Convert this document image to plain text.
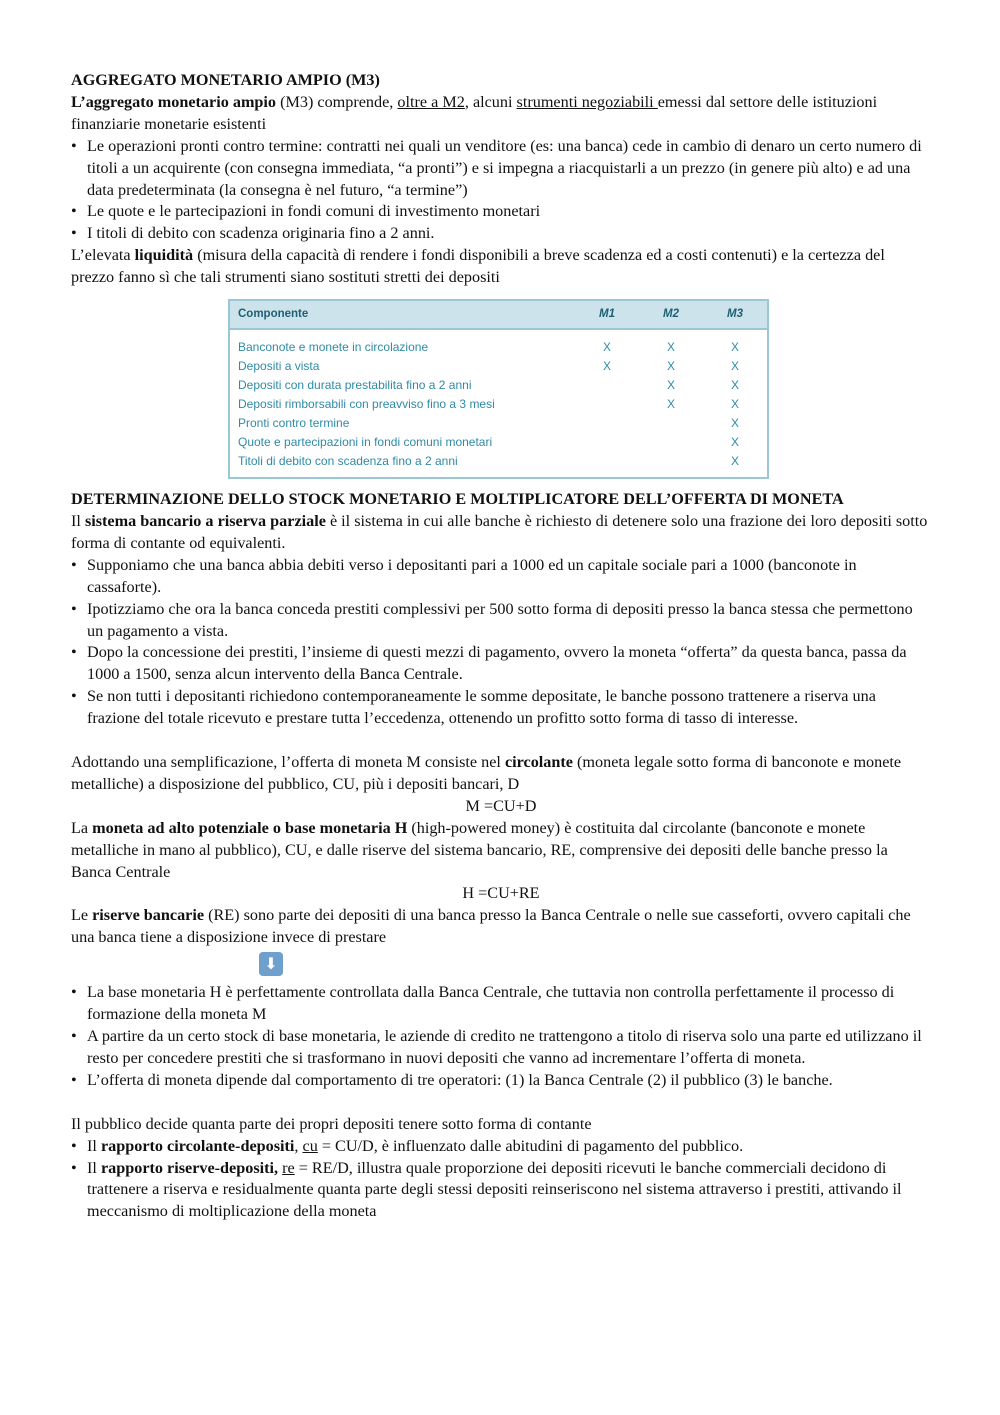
AGGREGATO MONETARIO AMPIO (M3)

L’aggregato monetario ampio (M3) comprende, oltre a M2, alcuni strumenti negoziabili emessi dal settore delle istituzioni finanziarie monetarie esistenti

• Le operazioni pronti contro termine: contratti nei quali un venditore (es: una banca) cede in cambio di denaro un certo numero di titoli a un acquirente (con consegna immediata, “a pronti”) e si impegna a riacquistarli a un prezzo (in genere più alto) e ad una data predeterminata (la consegna è nel futuro, “a termine”)
• Le quote e le partecipazioni in fondi comuni di investimento monetari
• I titoli di debito con scadenza originaria fino a 2 anni.

L’elevata liquidità (misura della capacità di rendere i fondi disponibili a breve scadenza ed a costi contenuti) e la certezza del prezzo fanno sì che tali strumenti siano sostituti stretti dei depositi

Componente	M1	M2	M3
Banconote e monete in circolazione	X	X	X
Depositi a vista	X	X	X
Depositi con durata prestabilita fino a 2 anni		X	X
Depositi rimborsabili con preavviso fino a 3 mesi		X	X
Pronti contro termine			X
Quote e partecipazioni in fondi comuni monetari			X
Titoli di debito con scadenza fino a 2 anni			X

DETERMINAZIONE DELLO STOCK MONETARIO E MOLTIPLICATORE DELL’OFFERTA DI MONETA

Il sistema bancario a riserva parziale è il sistema in cui alle banche è richiesto di detenere solo una frazione dei loro depositi sotto forma di contante od equivalenti.

• Supponiamo che una banca abbia debiti verso i depositanti pari a 1000 ed un capitale sociale pari a 1000 (banconote in cassaforte).
• Ipotizziamo che ora la banca conceda prestiti complessivi per 500 sotto forma di depositi presso la banca stessa che permettono un pagamento a vista.
• Dopo la concessione dei prestiti, l’insieme di questi mezzi di pagamento, ovvero la moneta “offerta” da questa banca, passa da 1000 a 1500, senza alcun intervento della Banca Centrale.
• Se non tutti i depositanti richiedono contemporaneamente le somme depositate, le banche possono trattenere a riserva una frazione del totale ricevuto e prestare tutta l’eccedenza, ottenendo un profitto sotto forma di tasso di interesse.

Adottando una semplificazione, l’offerta di moneta M consiste nel circolante (moneta legale sotto forma di banconote e monete metalliche) a disposizione del pubblico, CU, più i depositi bancari, D

M =CU+D

La moneta ad alto potenziale o base monetaria H (high-powered money) è costituita dal circolante (banconote e monete metalliche in mano al pubblico), CU, e dalle riserve del sistema bancario, RE, comprensive dei depositi delle banche presso la Banca Centrale

H =CU+RE

Le riserve bancarie (RE) sono parte dei depositi di una banca presso la Banca Centrale o nelle sue casseforti, ovvero capitali che una banca tiene a disposizione invece di prestare

⬇
• La base monetaria H è perfettamente controllata dalla Banca Centrale, che tuttavia non controlla perfettamente il processo di formazione della moneta M
• A partire da un certo stock di base monetaria, le aziende di credito ne trattengono a titolo di riserva solo una parte ed utilizzano il resto per concedere prestiti che si trasformano in nuovi depositi che vanno ad incrementare l’offerta di moneta.
• L’offerta di moneta dipende dal comportamento di tre operatori: (1) la Banca Centrale (2) il pubblico (3) le banche.

Il pubblico decide quanta parte dei propri depositi tenere sotto forma di contante

• Il rapporto circolante-depositi, cu = CU/D, è influenzato dalle abitudini di pagamento del pubblico.
• Il rapporto riserve-depositi, re = RE/D, illustra quale proporzione dei depositi ricevuti le banche commerciali decidono di trattenere a riserva e residualmente quanta parte degli stessi depositi reinseriscono nel sistema attraverso i prestiti, attivando il meccanismo di moltiplicazione della moneta
